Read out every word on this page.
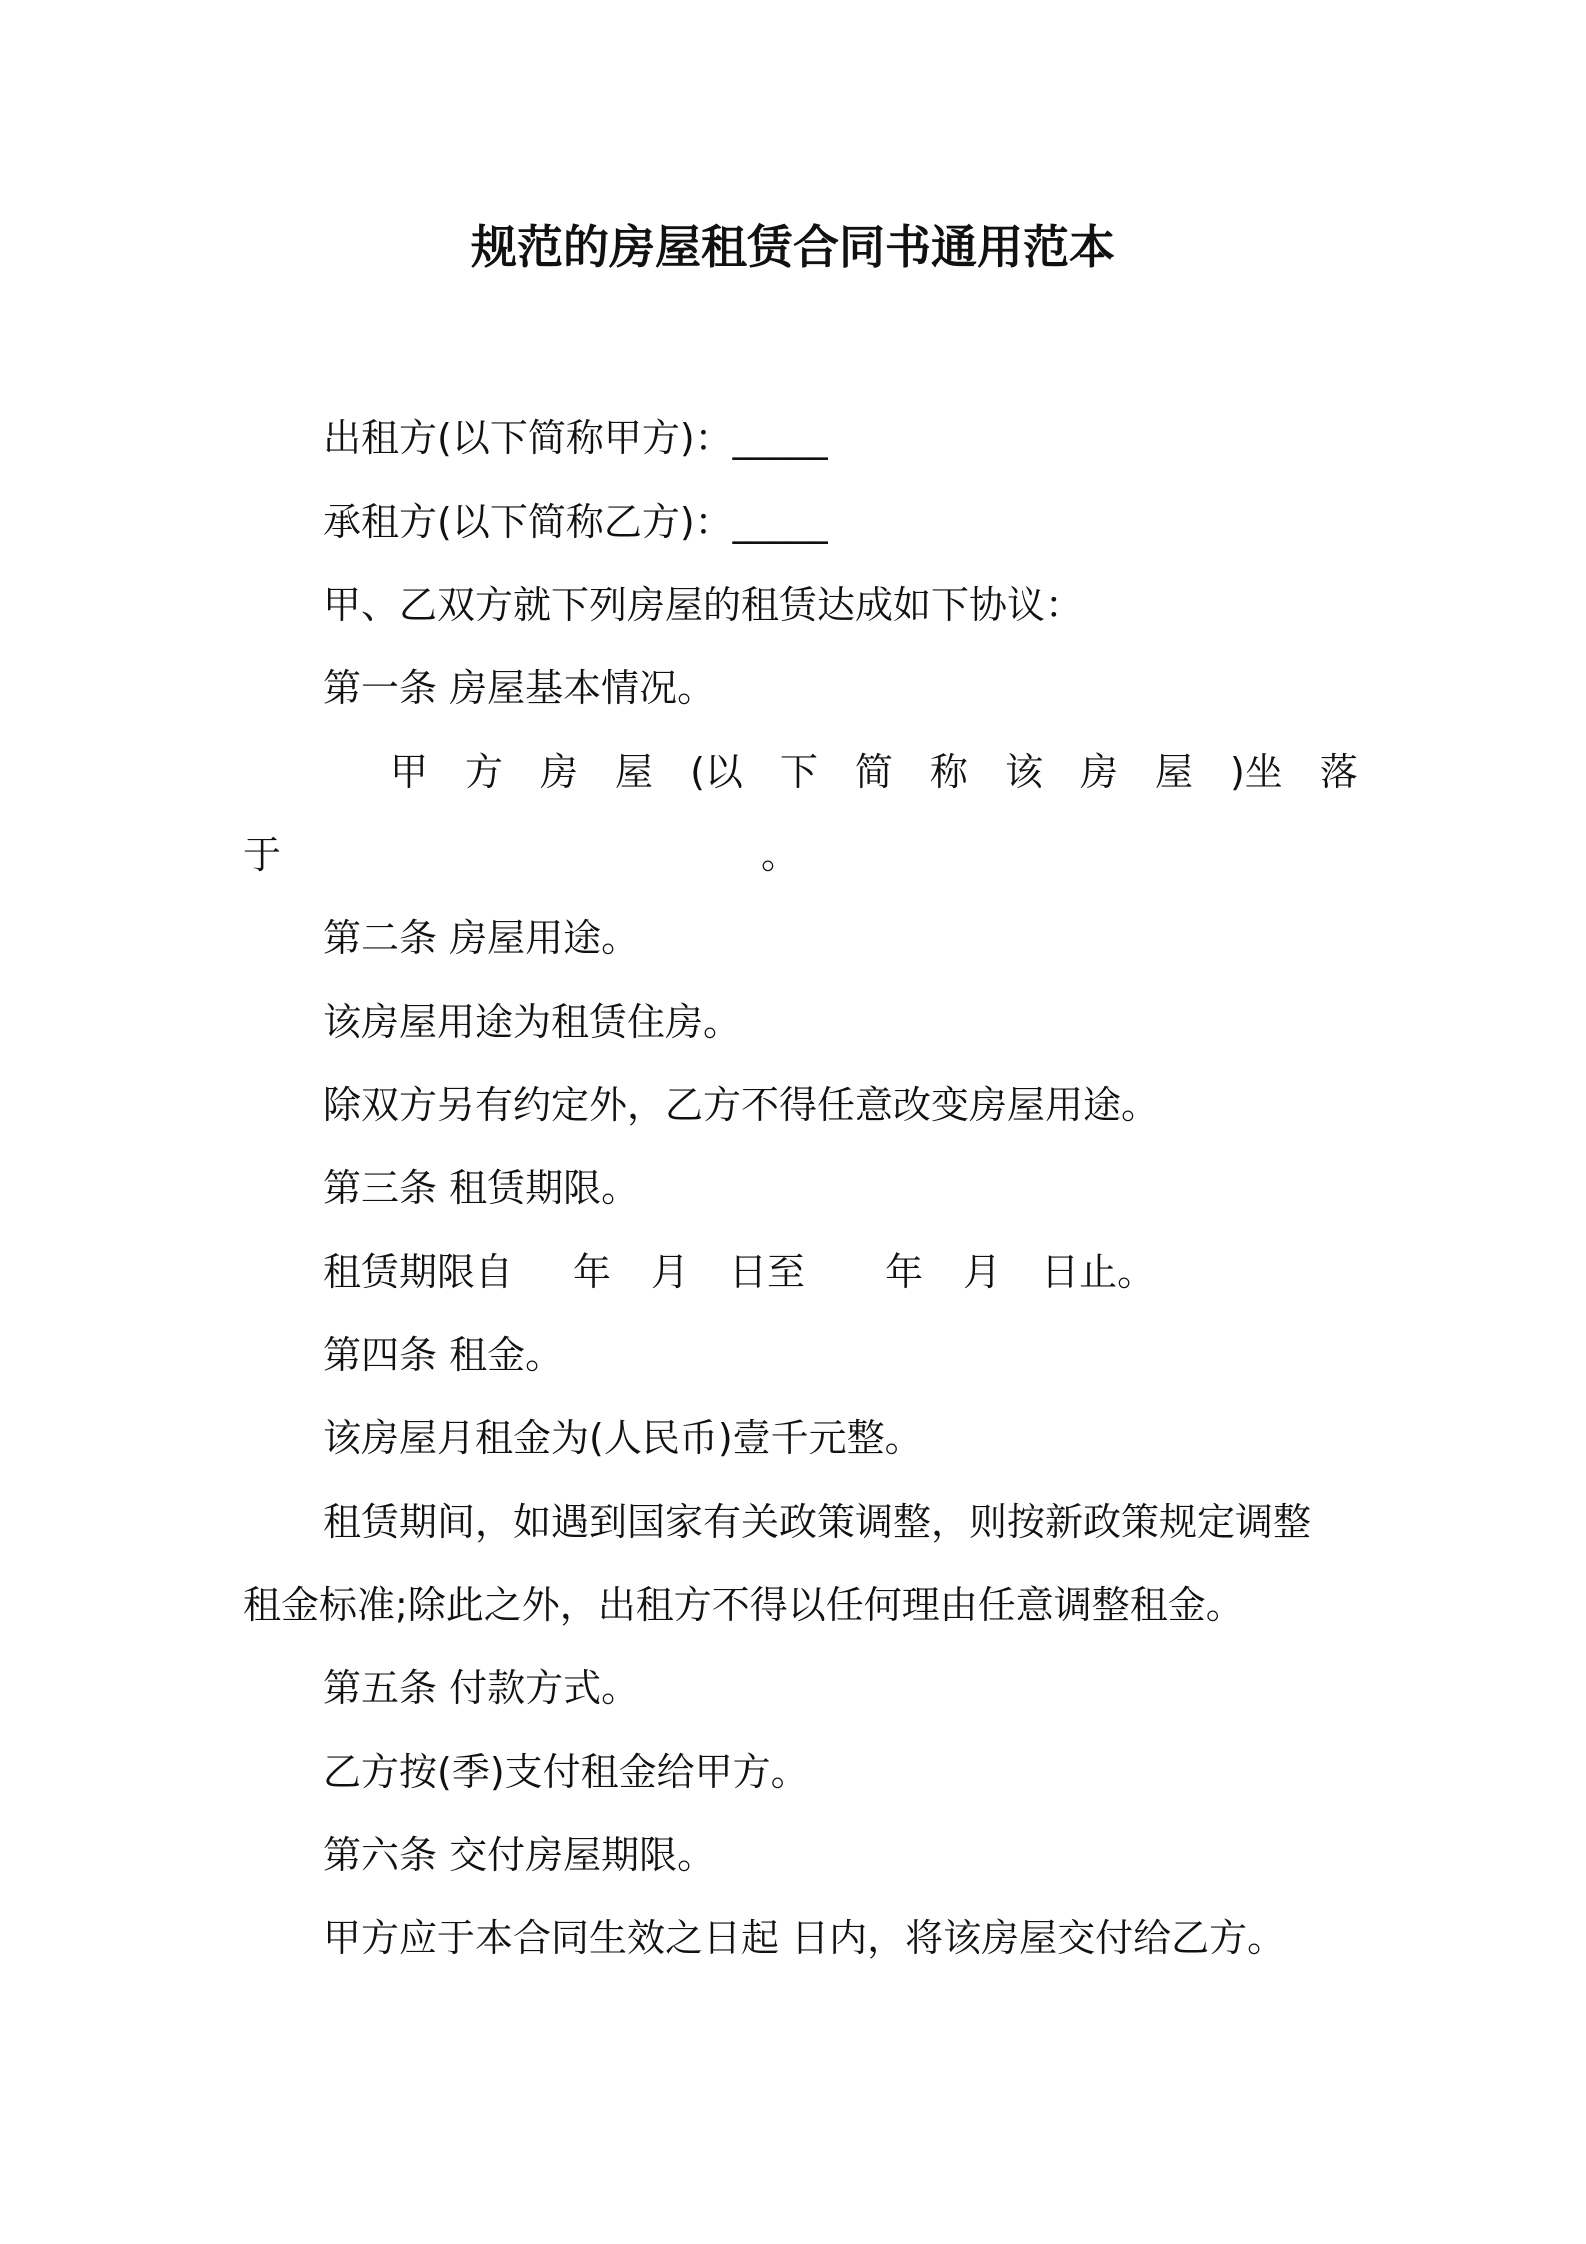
规范的房屋租赁合同书通用范本

出租方(以下简称甲方)：_____

承租方(以下简称乙方)：_____

甲、乙双方就下列房屋的租赁达成如下协议：

第一条 房屋基本情况。

甲 方 房 屋 (以 下 简 称 该 房 屋 )坐 落

于	。

第二条 房屋用途。

该房屋用途为租赁住房。

除双方另有约定外，乙方不得任意改变房屋用途。

第三条 租赁期限。

租赁期限自 年 月 日至 年 月 日止。

第四条 租金。

该房屋月租金为(人民币)壹千元整。

租赁期间，如遇到国家有关政策调整，则按新政策规定调整

租金标准;除此之外，出租方不得以任何理由任意调整租金。

第五条 付款方式。

乙方按(季)支付租金给甲方。

第六条 交付房屋期限。

甲方应于本合同生效之日起 日内，将该房屋交付给乙方。
